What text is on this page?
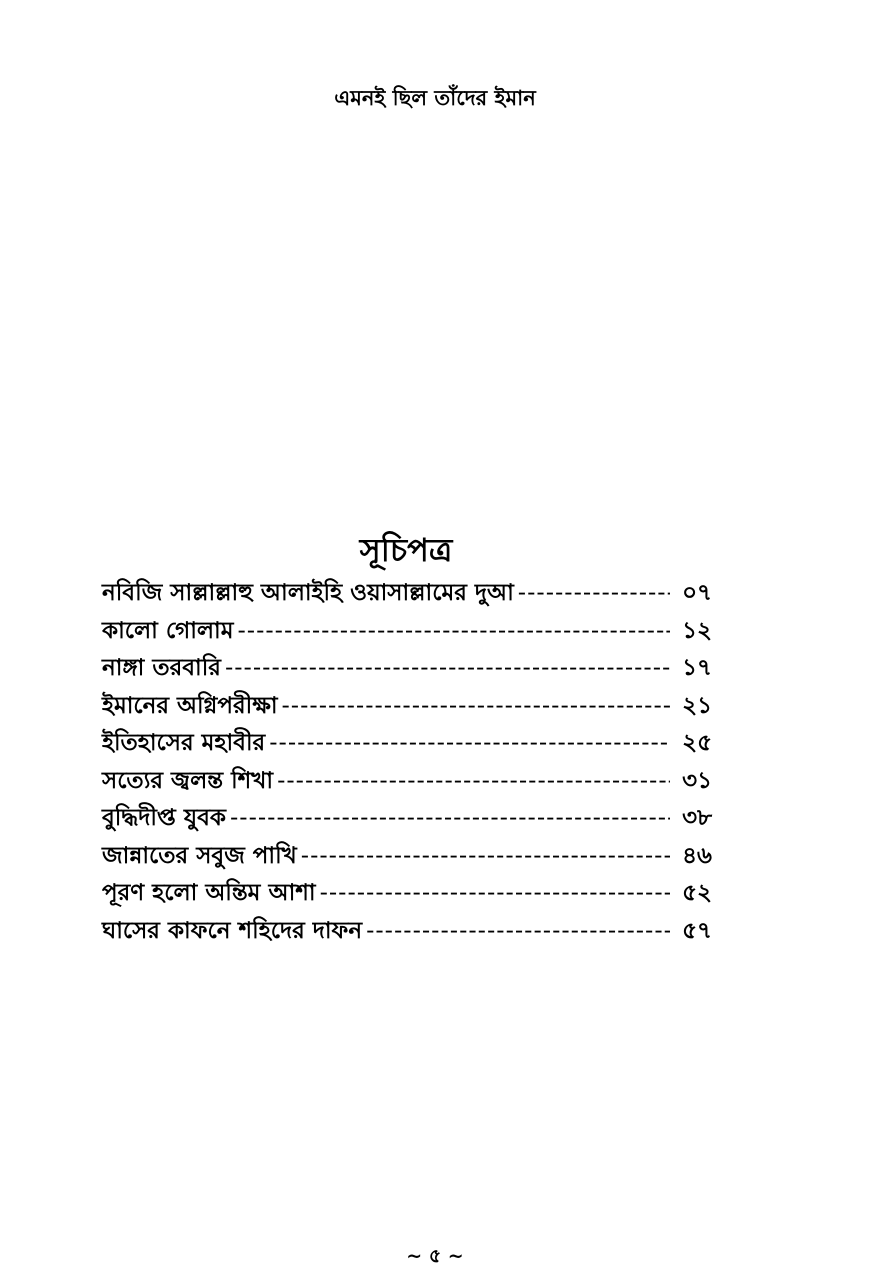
এমনই ছিল তাঁদের ইমান
সূচিপত্র
নবিজি সাল্লাল্লাহু আলাইহি ওয়াসাল্লামের দুআ -----	০৭
কালো গোলাম -----	১২
নাঙ্গা তরবারি -----	১৭
ইমানের অগ্নিপরীক্ষা -----	২১
ইতিহাসের মহাবীর -----	২৫
সত্যের জ্বলন্ত শিখা -----	৩১
বুদ্ধিদীপ্ত যুবক -----	৩৮
জান্নাতের সবুজ পাখি -----	৪৬
পূরণ হলো অন্তিম আশা -----	৫২
ঘাসের কাফনে শহিদের দাফন -----	৫৭
~ ৫ ~
